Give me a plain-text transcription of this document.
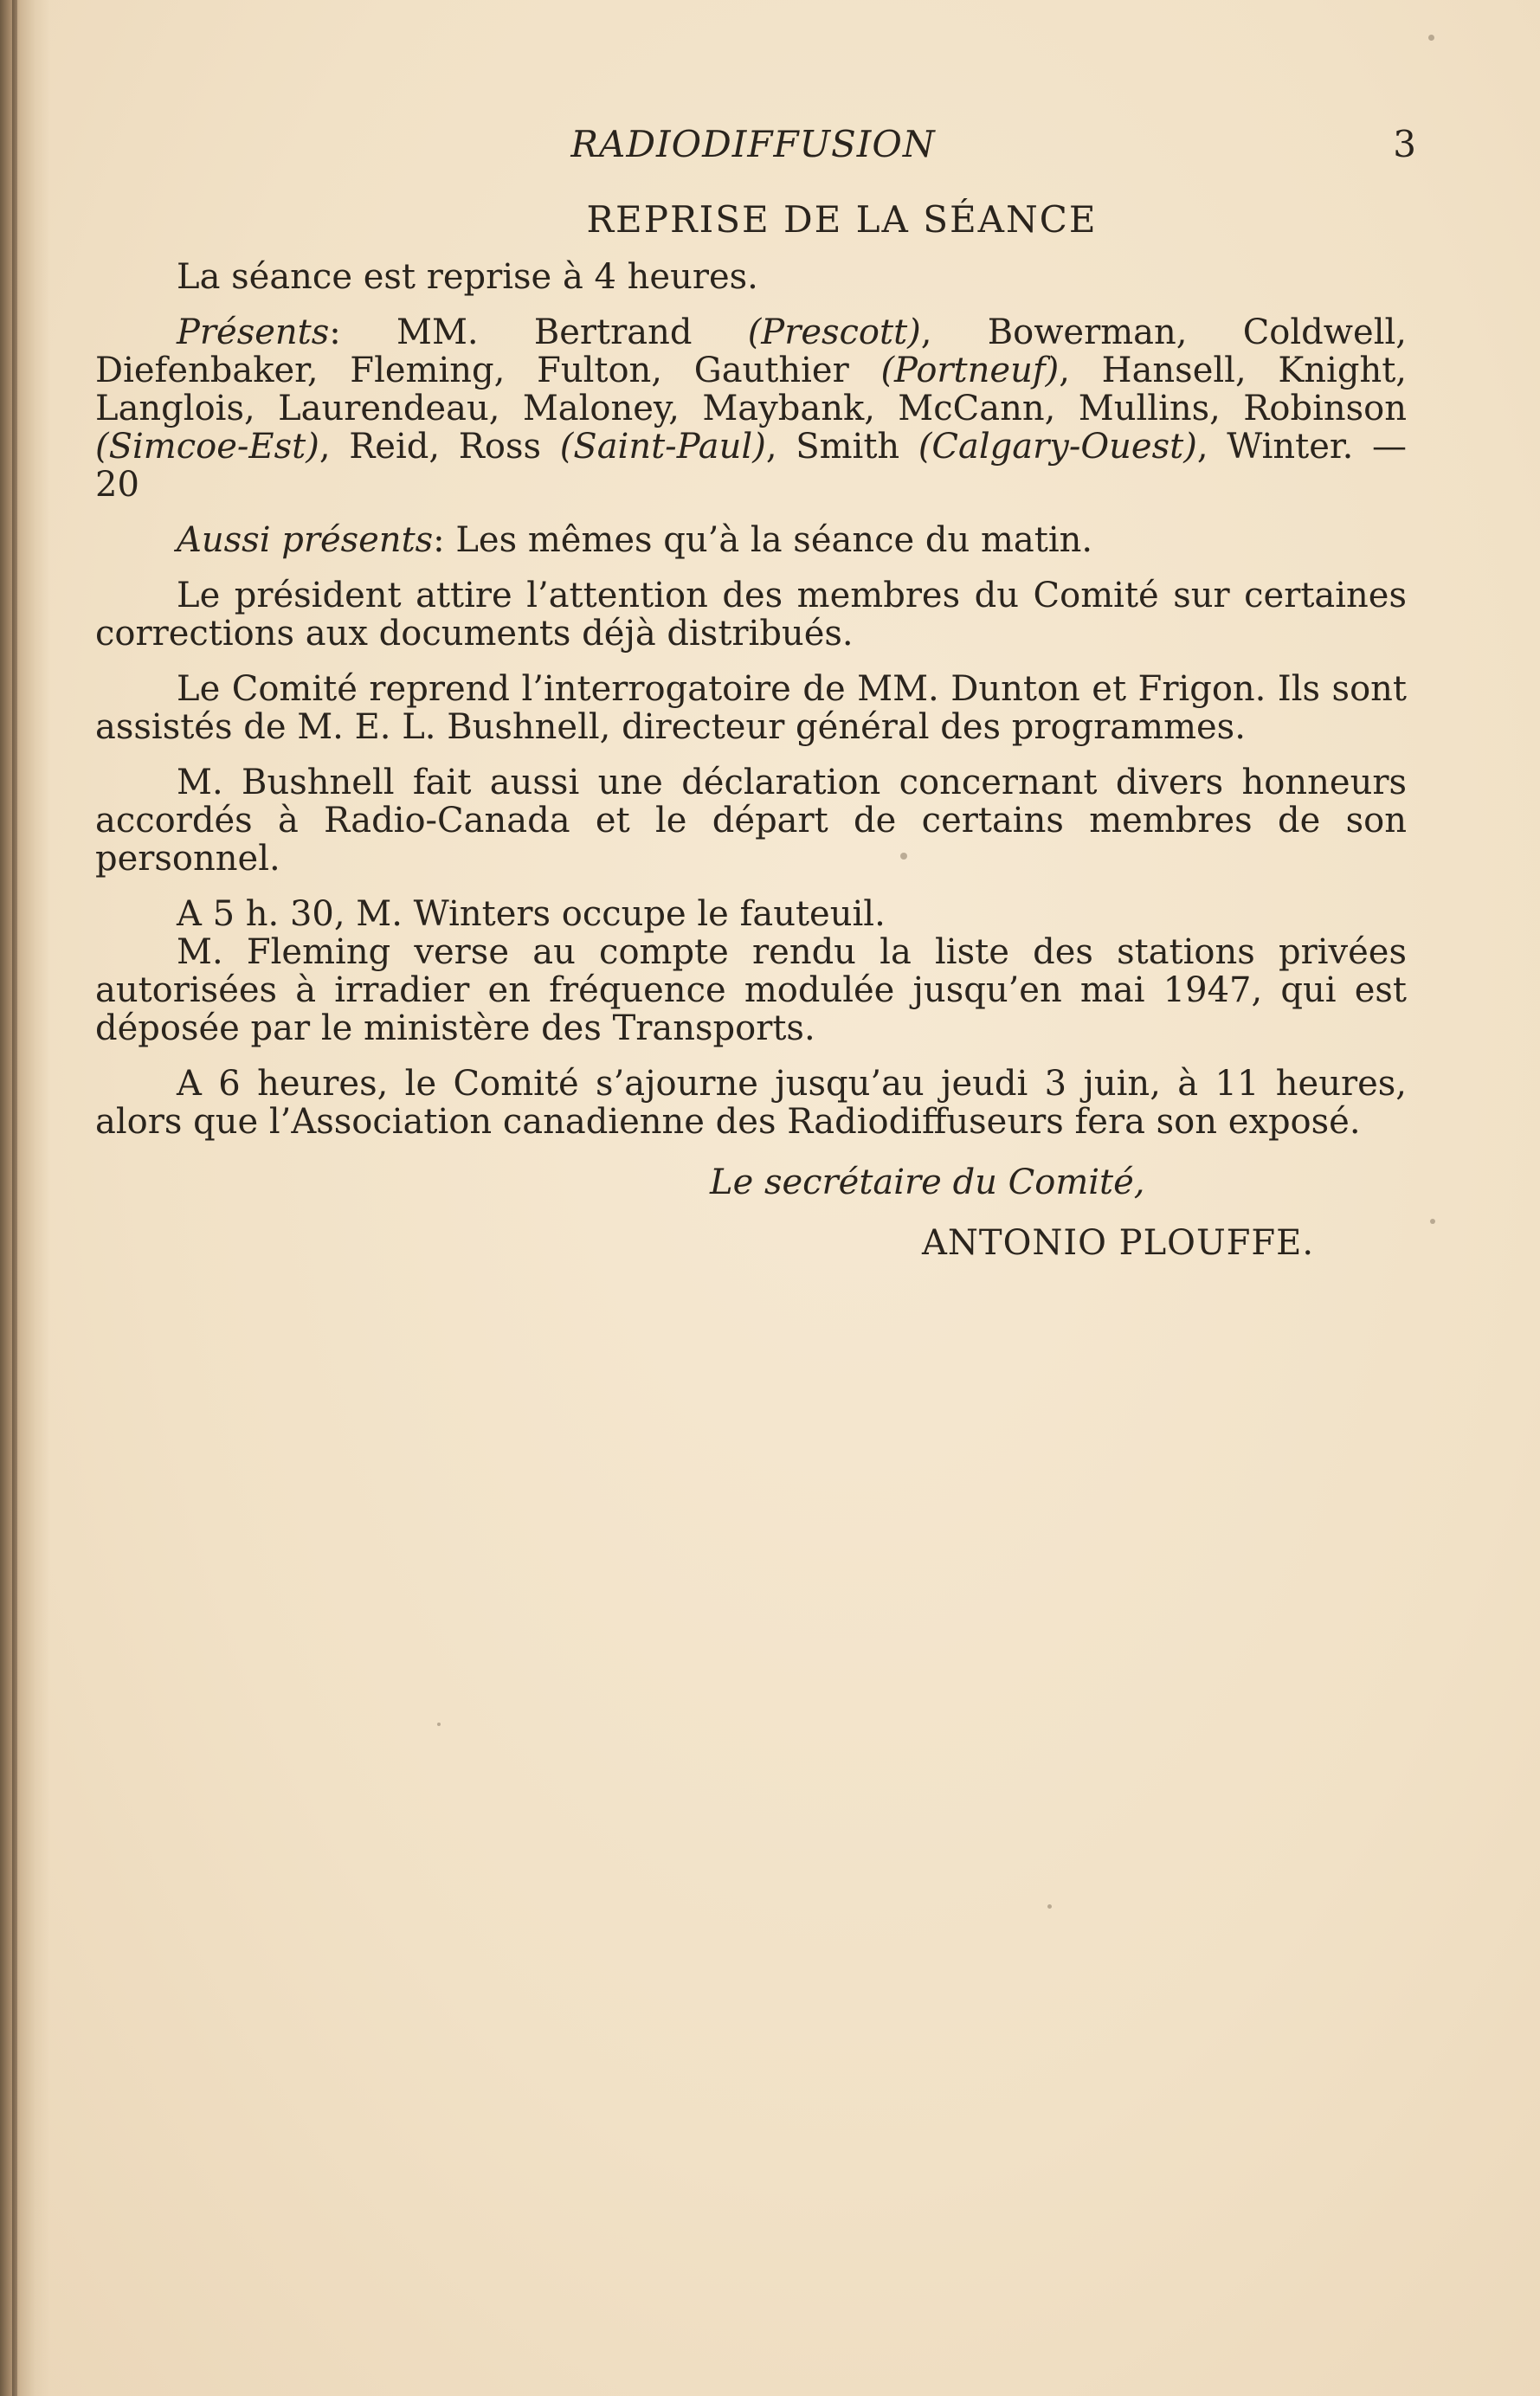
RADIODIFFUSION	3
REPRISE DE LA SÉANCE

La séance est reprise à 4 heures.

Présents: MM. Bertrand (Prescott), Bowerman, Coldwell, Diefenbaker, Fleming, Fulton, Gauthier (Portneuf), Hansell, Knight, Langlois, Laurendeau, Maloney, Maybank, McCann, Mullins, Robinson (Simcoe-Est), Reid, Ross (Saint-Paul), Smith (Calgary-Ouest), Winter. — 20

Aussi présents: Les mêmes qu’à la séance du matin.

Le président attire l’attention des membres du Comité sur certaines corrections aux documents déjà distribués.

Le Comité reprend l’interrogatoire de MM. Dunton et Frigon. Ils sont assistés de M. E. L. Bushnell, directeur général des programmes.

M. Bushnell fait aussi une déclaration concernant divers honneurs accordés à Radio-Canada et le départ de certains membres de son personnel.

A 5 h. 30, M. Winters occupe le fauteuil.

M. Fleming verse au compte rendu la liste des stations privées autorisées à irradier en fréquence modulée jusqu’en mai 1947, qui est déposée par le ministère des Transports.

A 6 heures, le Comité s’ajourne jusqu’au jeudi 3 juin, à 11 heures, alors que l’Association canadienne des Radiodiffuseurs fera son exposé.

Le secrétaire du Comité,
ANTONIO PLOUFFE.
